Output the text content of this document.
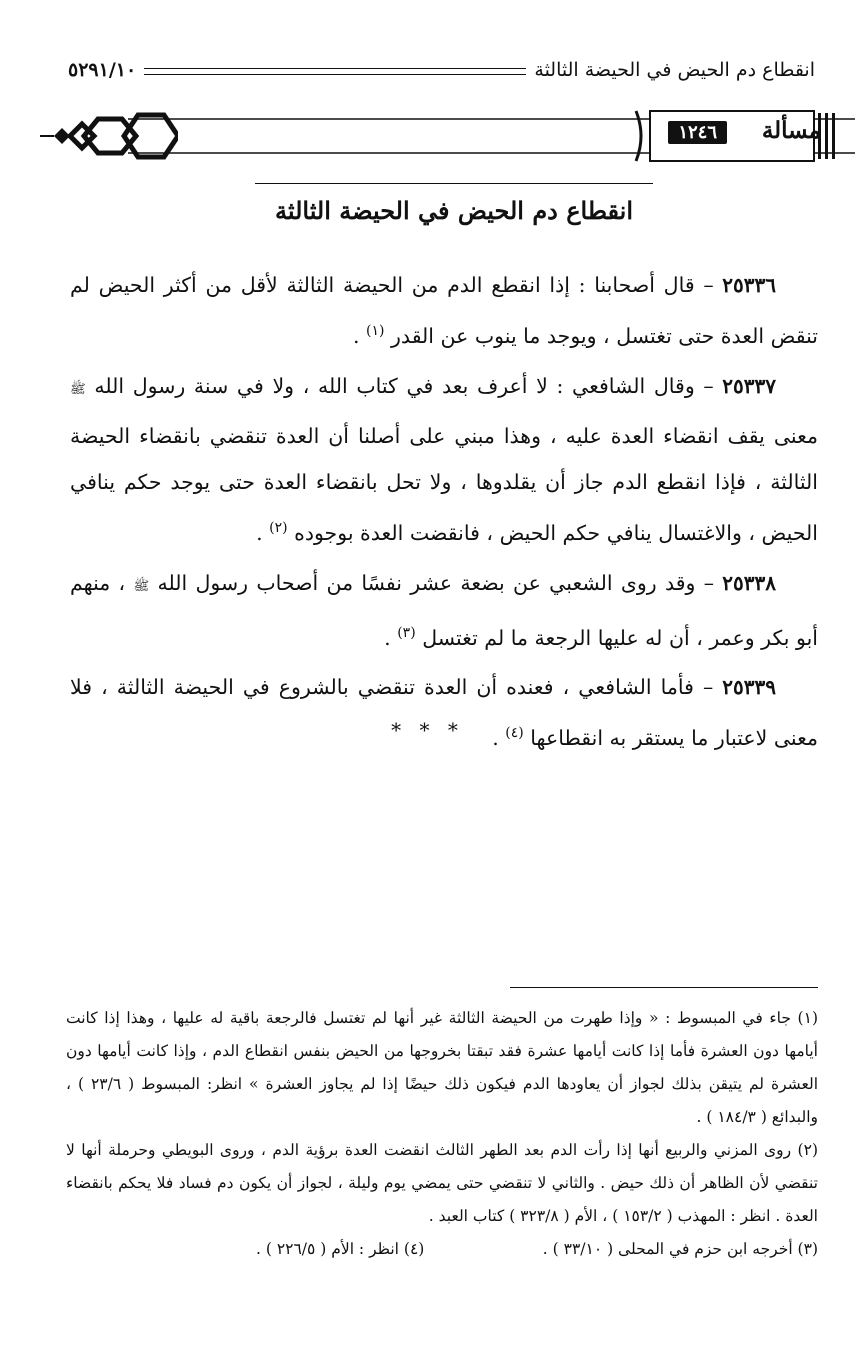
انقطاع دم الحيض في الحيضة الثالثة
٥٢٩١/١٠
مسألة
١٢٤٦
انقطاع دم الحيض في الحيضة الثالثة

٢٥٣٣٦ – قال أصحابنا : إذا انقطع الدم من الحيضة الثالثة لأقل من أكثر الحيض لم تنقض العدة حتى تغتسل ، ويوجد ما ينوب عن القدر $^{(١)}$ .

٢٥٣٣٧ – وقال الشافعي : لا أعرف بعد في كتاب الله ، ولا في سنة رسول الله ﷺ معنى يقف انقضاء العدة عليه ، وهذا مبني على أصلنا أن العدة تنقضي بانقضاء الحيضة الثالثة ، فإذا انقطع الدم جاز أن يقلدوها ، ولا تحل بانقضاء العدة حتى يوجد حكم ينافي الحيض ، والاغتسال ينافي حكم الحيض ، فانقضت العدة بوجوده $^{(٢)}$ .

٢٥٣٣٨ – وقد روى الشعبي عن بضعة عشر نفسًا من أصحاب رسول الله ﷺ ، منهم أبو بكر وعمر ، أن له عليها الرجعة ما لم تغتسل $^{(٣)}$ .

٢٥٣٣٩ – فأما الشافعي ، فعنده أن العدة تنقضي بالشروع في الحيضة الثالثة ، فلا معنى لاعتبار ما يستقر به انقطاعها $^{(٤)}$ .

* * *

(١) جاء في المبسوط : « وإذا طهرت من الحيضة الثالثة غير أنها لم تغتسل فالرجعة باقية له عليها ، وهذا إذا كانت أيامها دون العشرة فأما إذا كانت أيامها عشرة فقد تبقتا بخروجها من الحيض بنفس انقطاع الدم ، وإذا كانت أيامها دون العشرة لم يتيقن بذلك لجواز أن يعاودها الدم فيكون ذلك حيضًا إذا لم يجاوز العشرة » انظر: المبسوط ( ٢٣/٦ ) ، والبدائع ( ١٨٤/٣ ) .

(٢) روى المزني والربيع أنها إذا رأت الدم بعد الطهر الثالث انقضت العدة برؤية الدم ، وروى البويطي وحرملة أنها لا تنقضي لأن الظاهر أن ذلك حيض . والثاني لا تنقضي حتى يمضي يوم وليلة ، لجواز أن يكون دم فساد فلا يحكم بانقضاء العدة . انظر : المهذب ( ١٥٣/٢ ) ، الأم ( ٣٢٣/٨ ) كتاب العبد .

(٣) أخرجه ابن حزم في المحلى ( ٣٣/١٠ ) .
(٤) انظر : الأم ( ٢٢٦/٥ ) .
